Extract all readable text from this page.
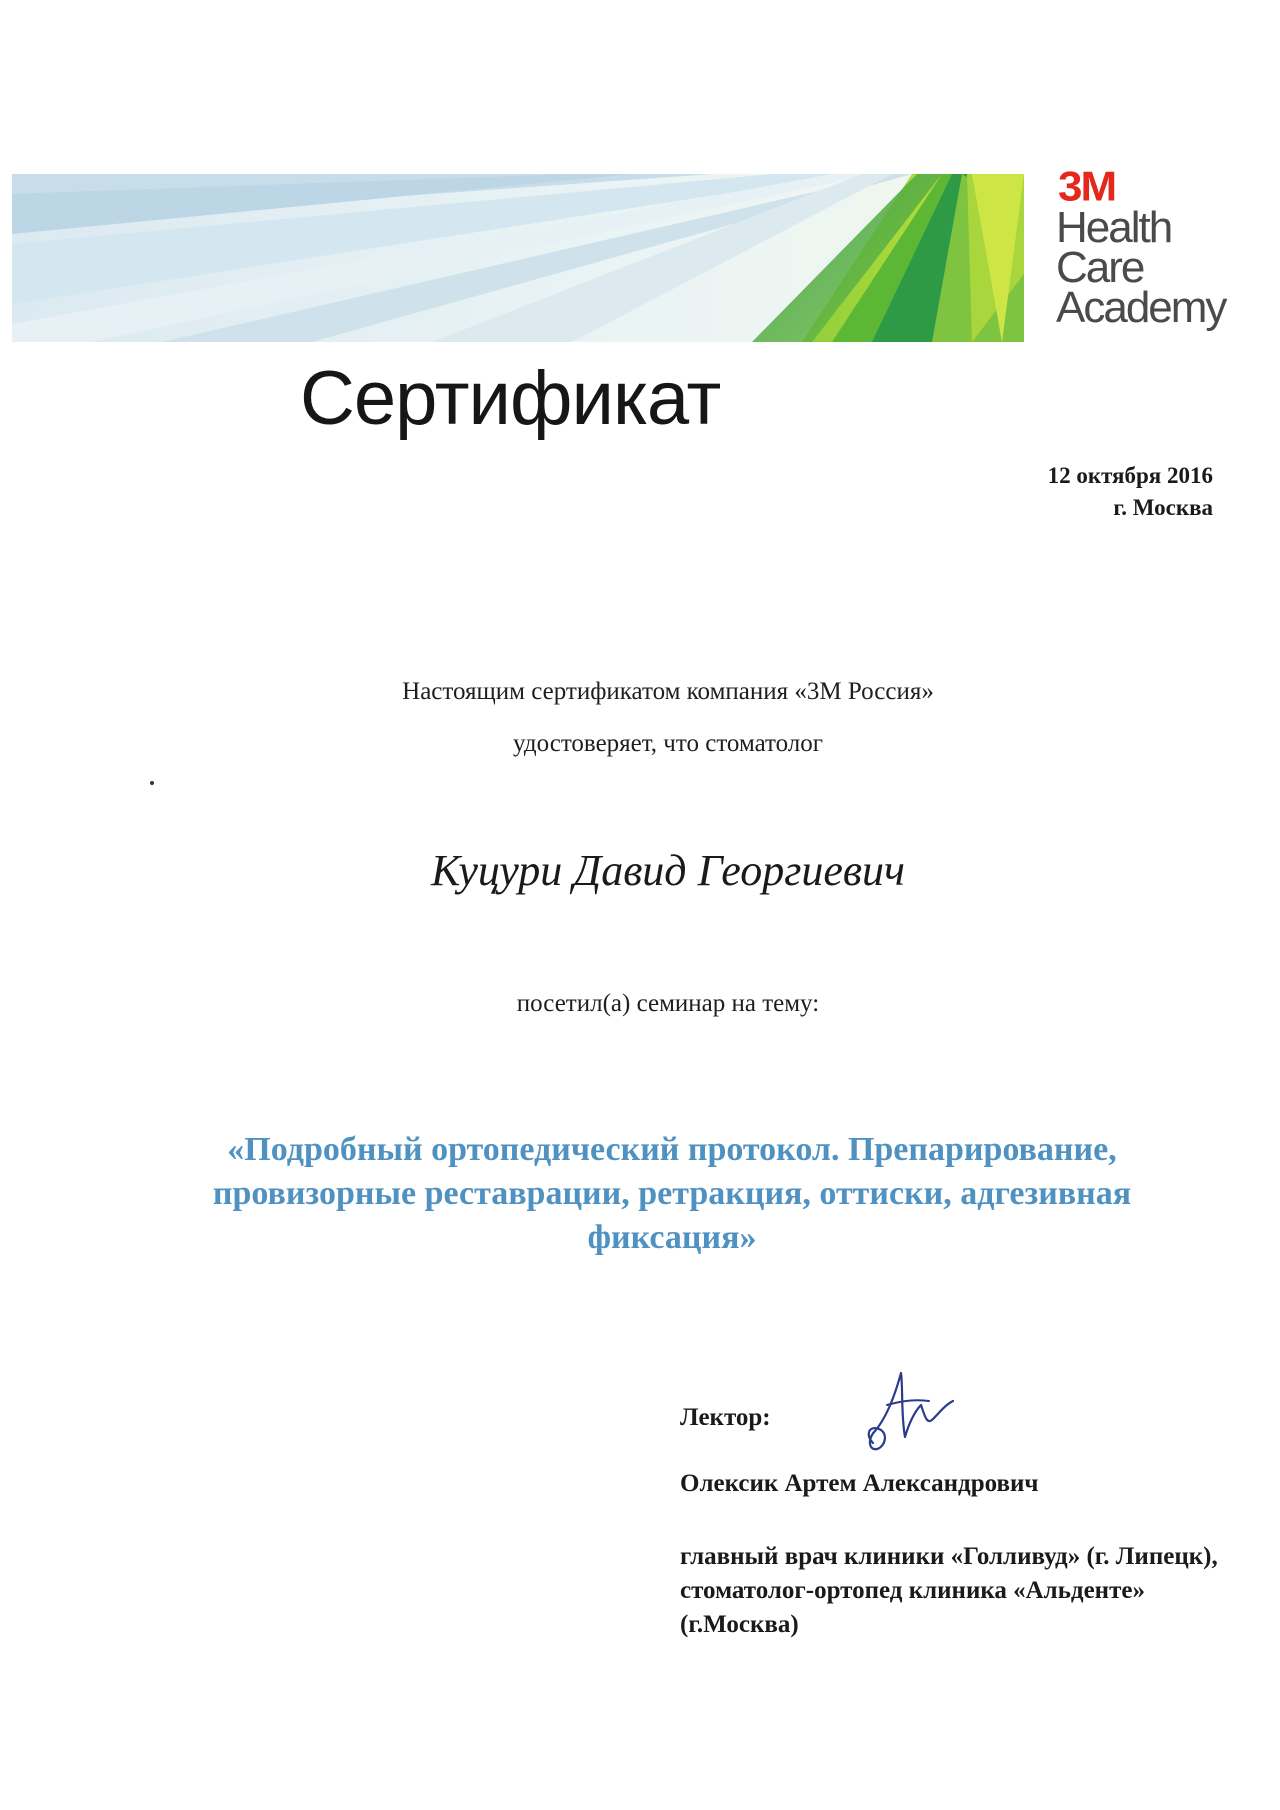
3M
Health
Care
Academy
Сертификат
12 октября 2016
г. Москва
Настоящим сертификатом компания «3М Россия»
удостоверяет, что стоматолог
Куцури Давид Георгиевич
посетил(а) семинар на тему:
«Подробный ортопедический протокол. Препарирование, провизорные реставрации, ретракция, оттиски, адгезивная фиксация»
Лектор:
Олексик Артем Александрович
главный врач клиники «Голливуд» (г. Липецк), стоматолог-ортопед клиника «Альденте» (г.Москва)
